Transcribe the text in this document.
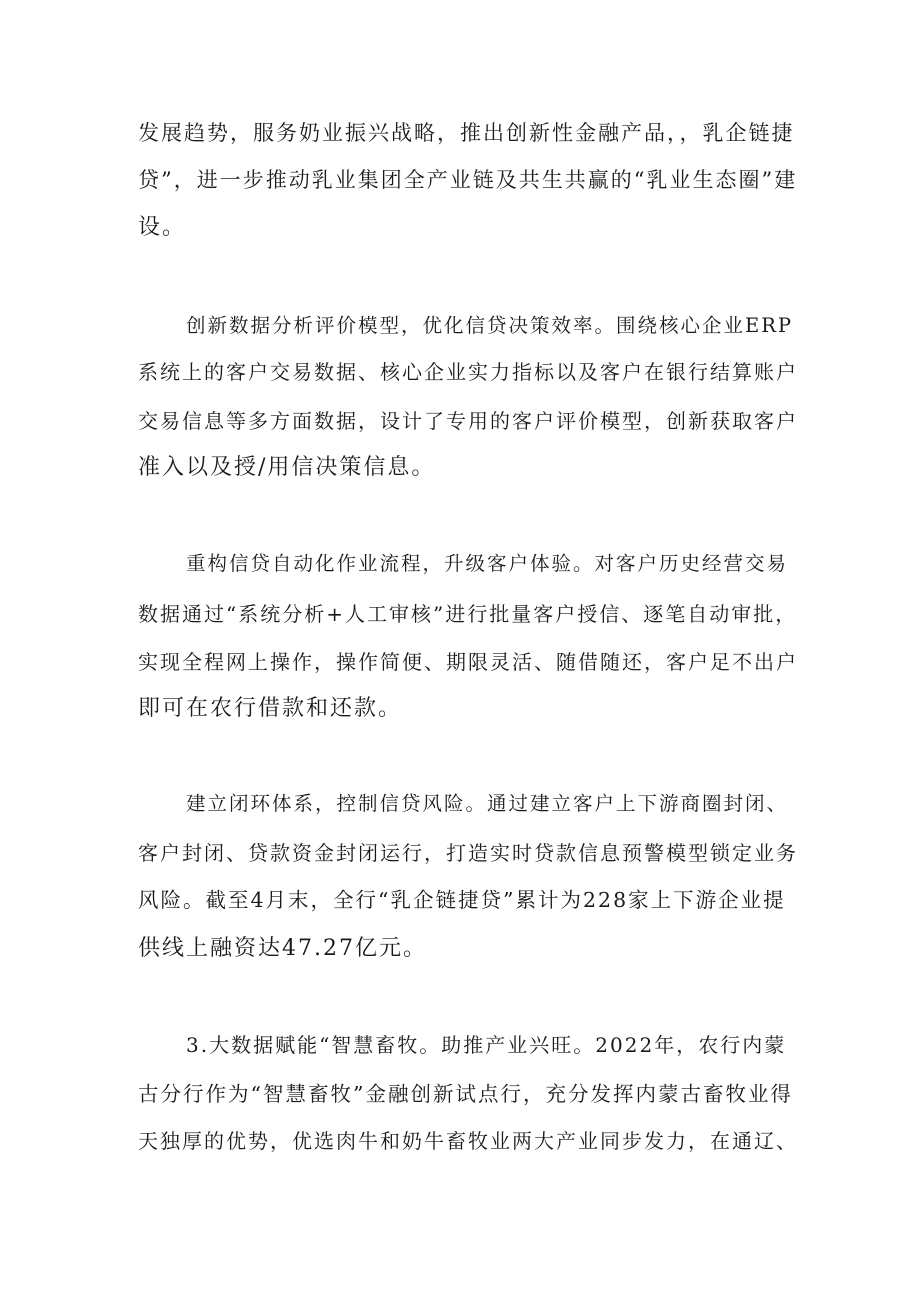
发展趋势，服务奶业振兴战略，推出创新性金融产品，，乳企链捷
贷”，进一步推动乳业集团全产业链及共生共赢的“乳业生态圈”建
设。
创新数据分析评价模型，优化信贷决策效率。围绕核心企业ERP
系统上的客户交易数据、核心企业实力指标以及客户在银行结算账户
交易信息等多方面数据，设计了专用的客户评价模型，创新获取客户
准入以及授/用信决策信息。
重构信贷自动化作业流程，升级客户体验。对客户历史经营交易
数据通过“系统分析+人工审核”进行批量客户授信、逐笔自动审批，
实现全程网上操作，操作简便、期限灵活、随借随还，客户足不出户
即可在农行借款和还款。
建立闭环体系，控制信贷风险。通过建立客户上下游商圈封闭、
客户封闭、贷款资金封闭运行，打造实时贷款信息预警模型锁定业务
风险。截至4月末，全行“乳企链捷贷”累计为228家上下游企业提
供线上融资达47.27亿元。
3.大数据赋能“智慧畜牧。助推产业兴旺。2022年，农行内蒙
古分行作为“智慧畜牧”金融创新试点行，充分发挥内蒙古畜牧业得
天独厚的优势，优选肉牛和奶牛畜牧业两大产业同步发力，在通辽、
